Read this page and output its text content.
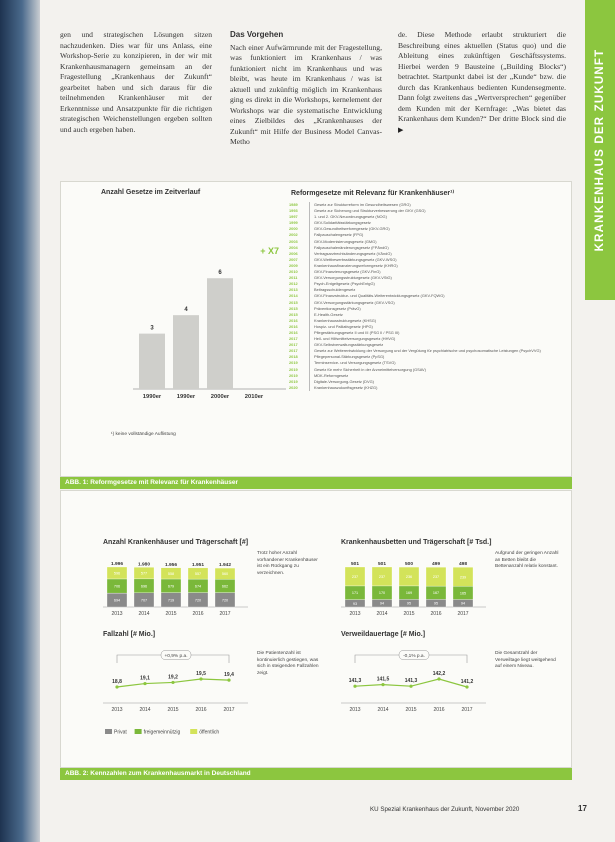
KRANKENHAUS DER ZUKUNFT

gen und strategischen Lösungen sitzen nachzudenken. Dies war für uns Anlass, eine Workshop-Serie zu konzipieren, in der wir mit Krankenhausmanagern gemeinsam an der Fragestellung „Krankenhaus der Zukunft“ gearbeitet haben und sich daraus für die teilnehmenden Krankenhäuser mit der Erkenntnisse und Ansatzpunkte für die richtigen strategischen Weichenstellungen ergeben sollten und auch ergeben haben.

Das Vorgehen

Nach einer Aufwärmrunde mit der Fragestellung, was funktioniert im Krankenhaus / was funktioniert nicht im Krankenhaus und was bleibt, was heute im Krankenhaus / was ist aktuell und zukünftig möglich im Krankenhaus ging es direkt in die Workshops, kernelement der Workshops war die systematische Entwicklung eines Zielbildes des „Krankenhauses der Zukunft“ mit Hilfe der Business Model Canvas-Metho

de. Diese Methode erlaubt strukturiert die Beschreibung eines aktuellen (Status quo) und die Ableitung eines zukünftigen Geschäftssystems. Hierbei werden 9 Bausteine („Building Blocks“) betrachtet. Startpunkt dabei ist der „Kunde“ bzw. die durch das Krankenhaus bedienten Kundensegmente. Dann folgt zweitens das „Wertversprechen“ gegenüber dem Kunden mit der Kernfrage: „Was bietet das Krankenhaus dem Kunden?“ Der dritte Block sind die ▶

Anzahl Gesetze im Zeitverlauf
3
1990er
4
1990er
6
2000er	2010er
+ X7
¹) keine vollständige Auflistung
Reformgesetze mit Relevanz für Krankenhäuser¹⁾
1989	Gesetz zur Strukturreform im Gesundheitswesen (GRG)
1993	Gesetz zur Sicherung und Strukturverbesserung der GKV (GSG)
1997	1. und 2. GKV-Neuordnungsgesetz (NOG)
1999	GKV-Solidaritätsstärkungsgesetz
2000	GKV-Gesundheitsreformgesetz (GKV-GRG)
2002	Fallpauschalengesetz (FPG)
2003	GKV-Modernisierungsgesetz (GMG)
2004	Fallpauschalenänderungsgesetz (FPÄndG)
2006	Vertragsarztrechtsänderungsgesetz (VÄndG)
2007	GKV-Wettbewerbsstärkungsgesetz (GKV-WSG)
2009	Krankenhausfinanzierungsreformgesetz (KHRG)
2010	GKV-Finanzierungsgesetz (GKV-FinG)
2011	GKV-Versorgungsstrukturgesetz (GKV-VStG)
2012	Psych-Entgeltgesetz (PsychEntgG)
2013	Beitragsschuldengesetz
2014	GKV-Finanzstruktur- und Qualitäts-Weiterentwicklungsgesetz (GKV-FQWG)
2015	GKV-Versorgungsstärkungsgesetz (GKV-VSG)
2015	Präventionsgesetz (PrävG)
2015	E-Health-Gesetz
2016	Krankenhausstrukturgesetz (KHSG)
2016	Hospiz- und Palliativgesetz (HPG)
2016	Pflegestärkungsgesetz II und III (PSG II / PSG III)
2017	Heil- und Hilfsmittelversorgungsgesetz (HHVG)
2017	GKV-Selbstverwaltungsstärkungsgesetz
2017	Gesetz zur Weiterentwicklung der Versorgung und der Vergütung für psychiatrische und psychosomatische Leistungen (PsychVVG)
2018	Pflegepersonal-Stärkungsgesetz (PpSG)
2019	Terminservice- und Versorgungsgesetz (TSVG)
2019	Gesetz für mehr Sicherheit in der Arzneimittelversorgung (GSAV)
2019	MDK-Reformgesetz
2019	Digitale-Versorgung-Gesetz (DVG)
2020	Krankenhauszukunftsgesetz (KHZG)
ABB. 1: Reformgesetze mit Relevanz für Krankenhäuser
Anzahl Krankenhäuser und Trägerschaft [#]
694
706
596
1.996
2013
707
696
577
1.980
2014
719
679
558
1.956
2015
720
674
557
1.951
2016
720
662
560
1.942
2017
Trotz hoher Anzahl vorhandener Krankenhäuser ist ein Rückgang zu verzeichnen.
Krankenhausbetten und Trägerschaft [# Tsd.]
93
171
237
501
2013
94
170
237
501
2014
95
169
236
500
2015
95
167
237
499
2016
94
165
239
498
2017
Aufgrund der geringen Anzahl an Betten bleibt die Bettenanzahl relativ konstant.
Fallzahl [# Mio.]
18,8
2013
19,1
2014
19,2
2015
19,5
2016
19,4
2017
+0,9% p.a.
Die Patientenzahl ist kontinuierlich gestiegen, was sich in steigenden Fallzahlen zeigt.
Verweildauertage [# Mio.]
141,3
2013
141,5
2014
141,3
2015
142,2
2016
141,2
2017
-0,1% p.a.
Die Gesamtzahl der Verweiltage liegt weitgehend auf einem Niveau.
Privat	freigemeinnützig	öffentlich
ABB. 2: Kennzahlen zum Krankenhausmarkt in Deutschland
KU Spezial Krankenhaus der Zukunft, November 2020	17
